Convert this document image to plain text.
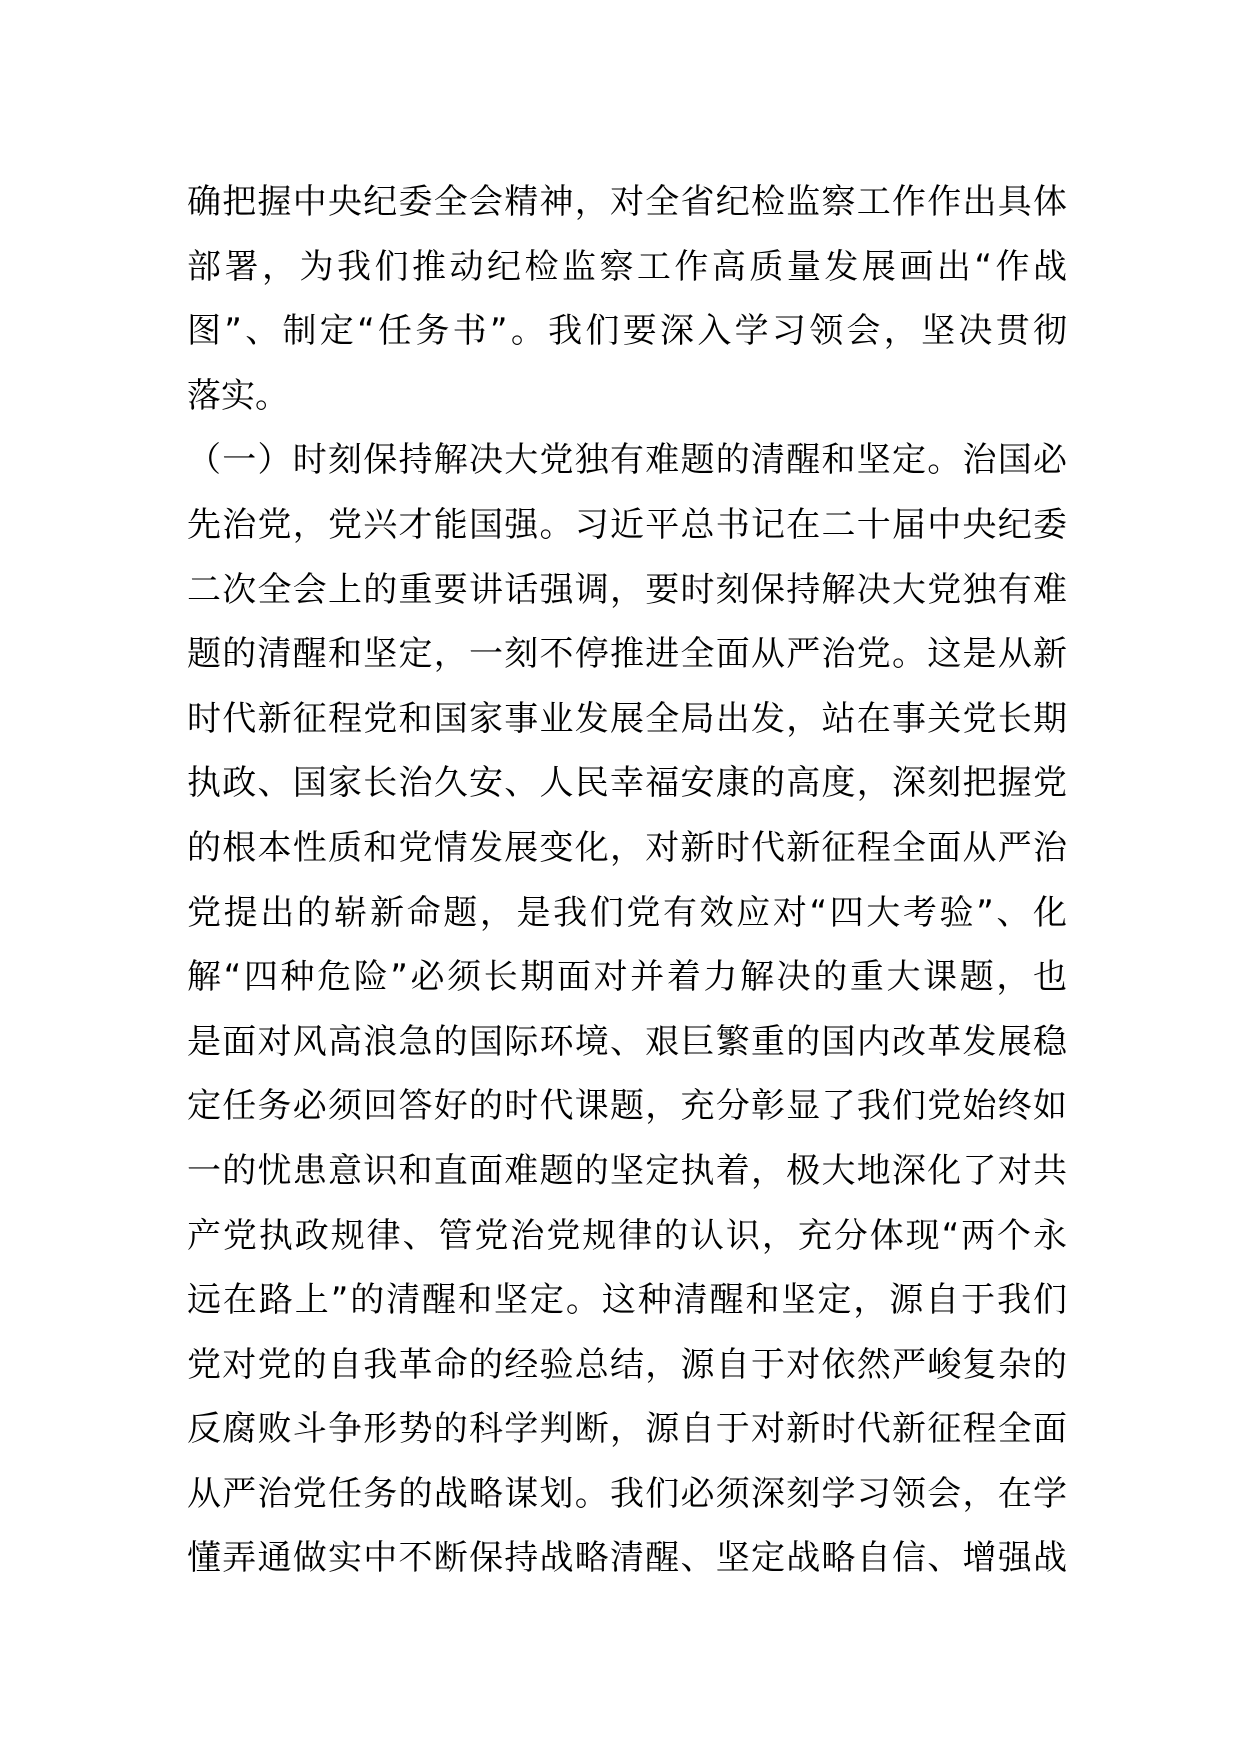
确把握中央纪委全会精神，对全省纪检监察工作作出具体
部署，为我们推动纪检监察工作高质量发展画出“作战
图”、制定“任务书”。我们要深入学习领会，坚决贯彻
落实。
（一）时刻保持解决大党独有难题的清醒和坚定。治国必
先治党，党兴才能国强。习近平总书记在二十届中央纪委
二次全会上的重要讲话强调，要时刻保持解决大党独有难
题的清醒和坚定，一刻不停推进全面从严治党。这是从新
时代新征程党和国家事业发展全局出发，站在事关党长期
执政、国家长治久安、人民幸福安康的高度，深刻把握党
的根本性质和党情发展变化，对新时代新征程全面从严治
党提出的崭新命题，是我们党有效应对“四大考验”、化
解“四种危险”必须长期面对并着力解决的重大课题，也
是面对风高浪急的国际环境、艰巨繁重的国内改革发展稳
定任务必须回答好的时代课题，充分彰显了我们党始终如
一的忧患意识和直面难题的坚定执着，极大地深化了对共
产党执政规律、管党治党规律的认识，充分体现“两个永
远在路上”的清醒和坚定。这种清醒和坚定，源自于我们
党对党的自我革命的经验总结，源自于对依然严峻复杂的
反腐败斗争形势的科学判断，源自于对新时代新征程全面
从严治党任务的战略谋划。我们必须深刻学习领会，在学
懂弄通做实中不断保持战略清醒、坚定战略自信、增强战
